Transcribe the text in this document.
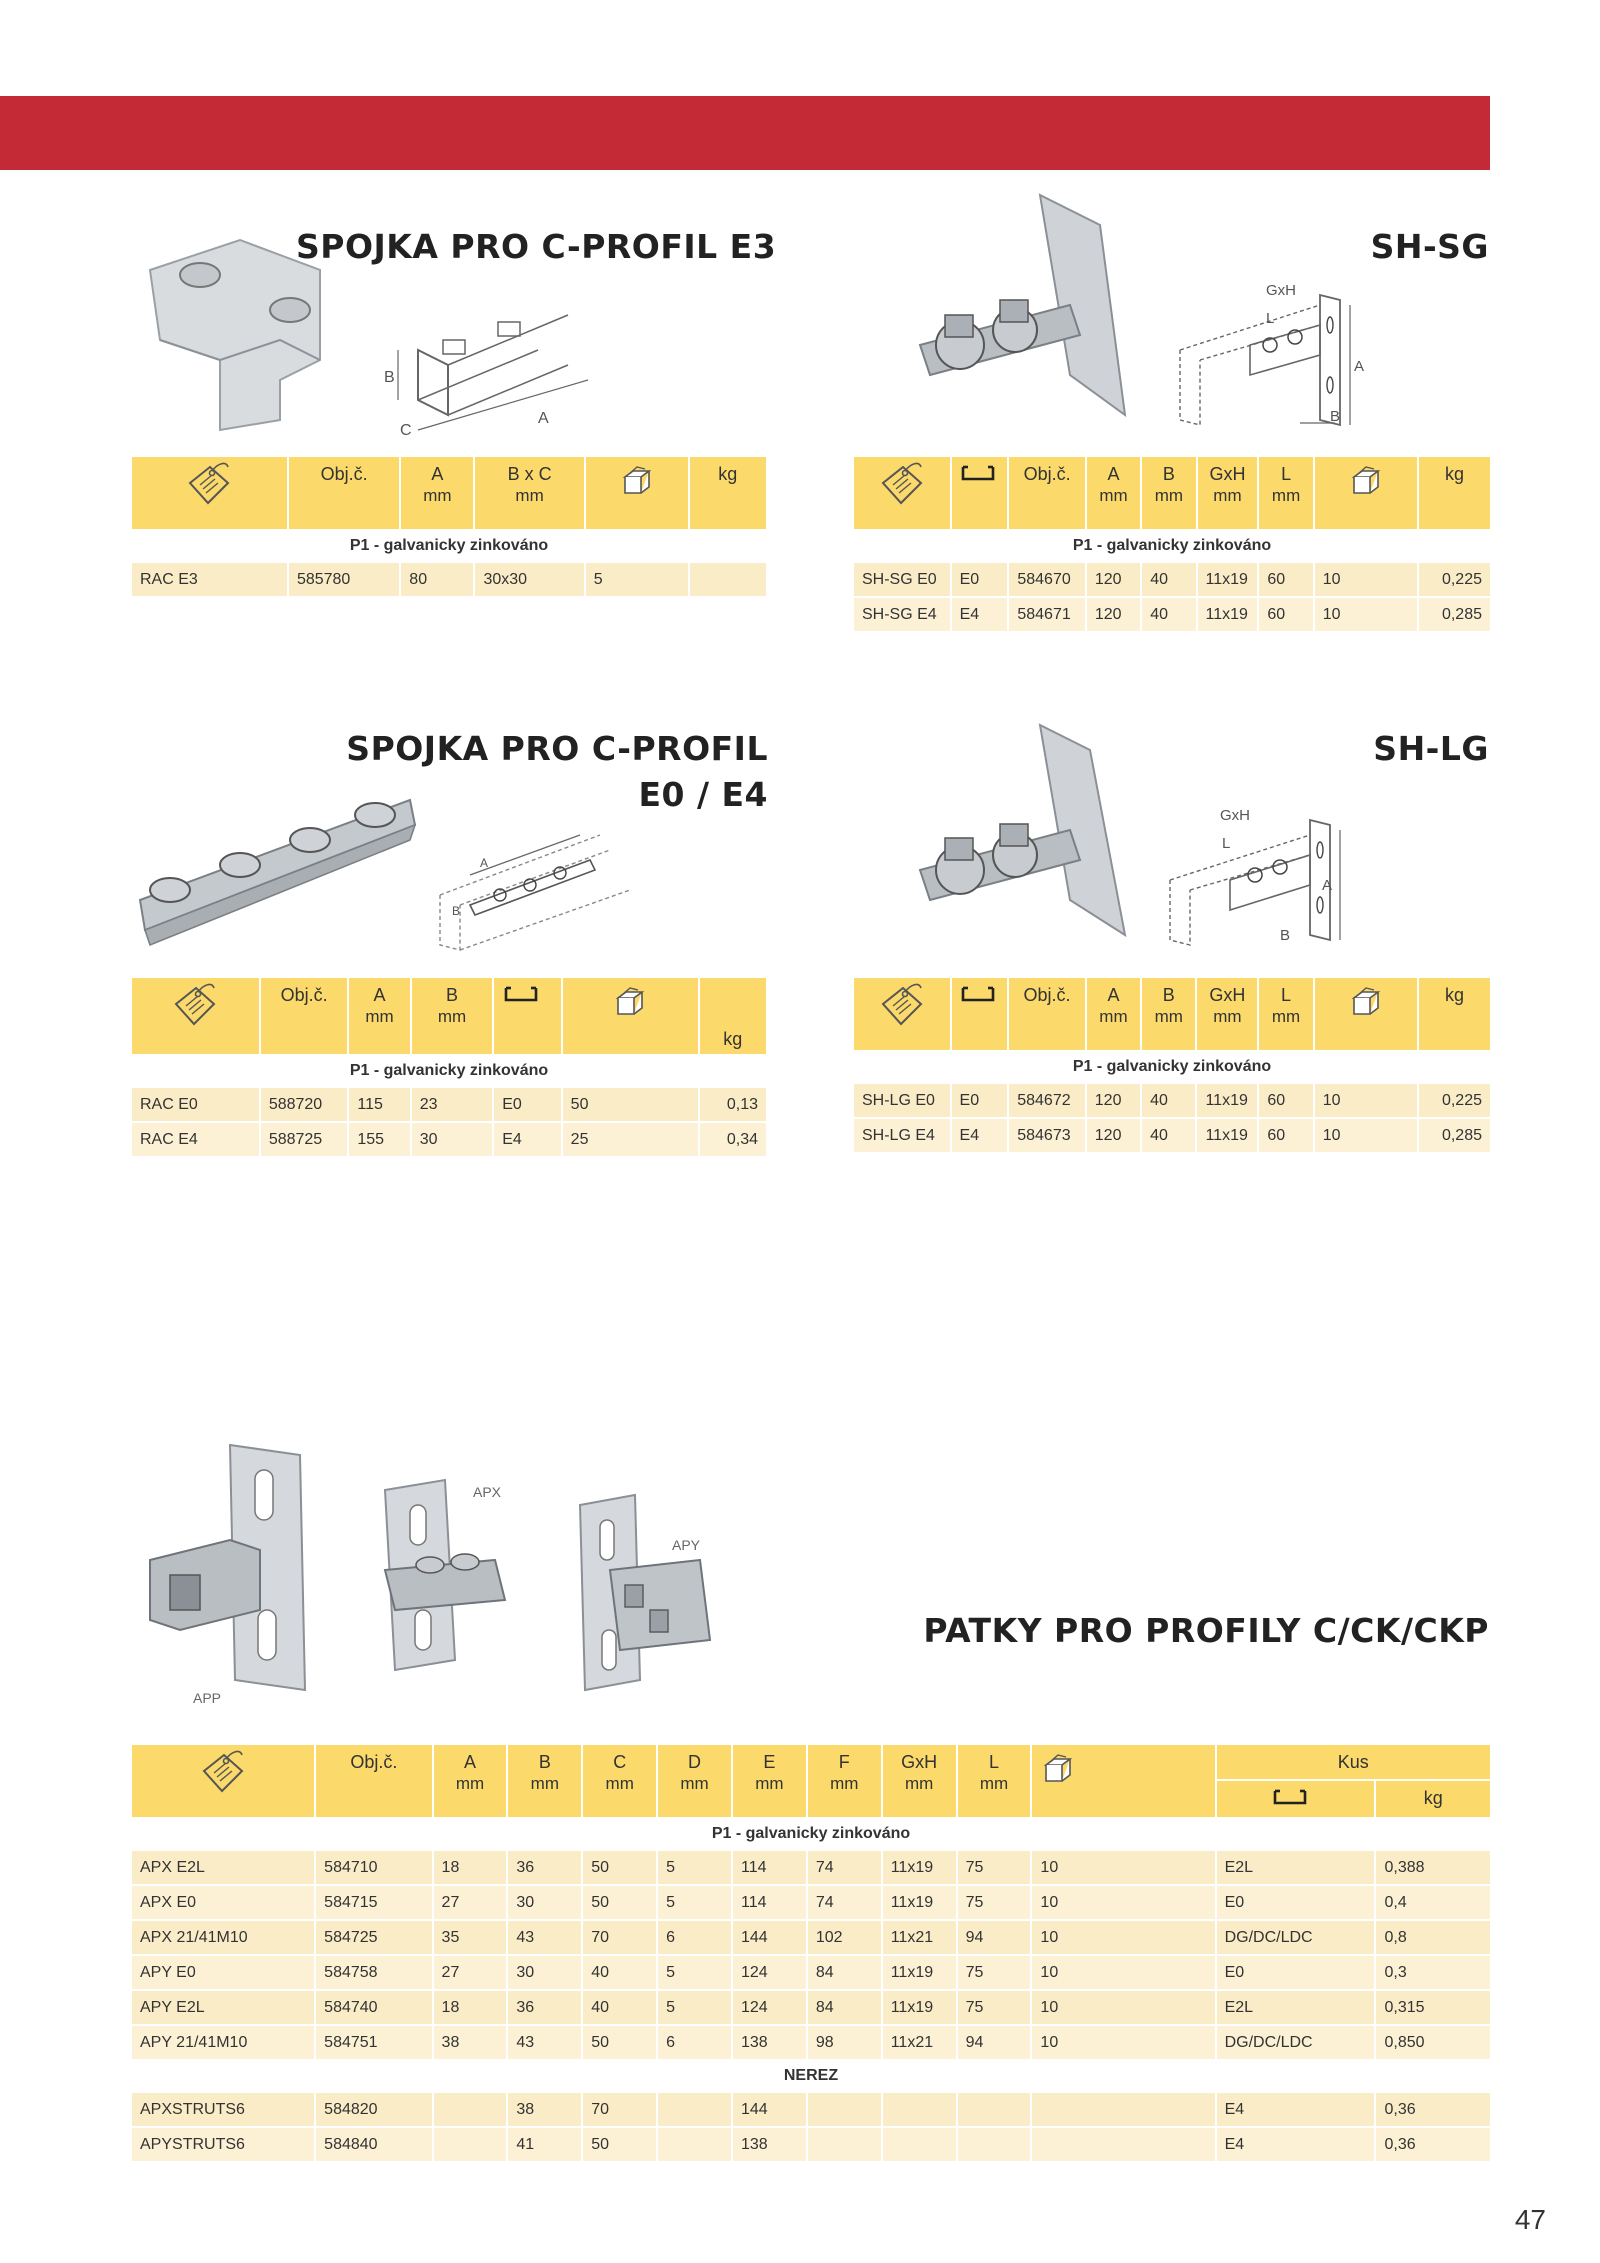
SPOJKA PRO C-PROFIL E3
B
C
A
	Obj.č.	A
mm	B x C
mm		kg
P1 - galvanicky zinkováno					
RAC E3	585780	80	30x30	5	
SH-SG
GxH
L
A
B
		Obj.č.	A
mm	B
mm	GxH
mm	L
mm		kg
P1 - galvanicky zinkováno								
SH-SG E0	E0	584670	120	40	11x19	60	10	0,225
SH-SG E4	E4	584671	120	40	11x19	60	10	0,285
SPOJKA PRO C-PROFIL
E0 / E4
A
B
	Obj.č.	A
mm	B
mm			kg
P1 - galvanicky zinkováno						
RAC E0	588720	115	23	E0	50	0,13
RAC E4	588725	155	30	E4	25	0,34
SH-LG
GxH
L
A
B
		Obj.č.	A
mm	B
mm	GxH
mm	L
mm		kg
P1 - galvanicky zinkováno								
SH-LG E0	E0	584672	120	40	11x19	60	10	0,225
SH-LG E4	E4	584673	120	40	11x19	60	10	0,285
APP
APX
APY
PATKY PRO PROFILY C/CK/CKP
	Obj.č.	A
mm	B
mm	C
mm	D
mm	E
mm	F
mm	GxH
mm	L
mm		Kus	
	kg
P1 - galvanicky zinkováno												
APX E2L	584710	18	36	50	5	114	74	11x19	75	10	E2L	0,388
APX E0	584715	27	30	50	5	114	74	11x19	75	10	E0	0,4
APX 21/41M10	584725	35	43	70	6	144	102	11x21	94	10	DG/DC/LDC	0,8
APY E0	584758	27	30	40	5	124	84	11x19	75	10	E0	0,3
APY E2L	584740	18	36	40	5	124	84	11x19	75	10	E2L	0,315
APY 21/41M10	584751	38	43	50	6	138	98	11x21	94	10	DG/DC/LDC	0,850
NEREZ												
APXSTRUTS6	584820		38	70		144					E4	0,36
APYSTRUTS6	584840		41	50		138					E4	0,36
47
